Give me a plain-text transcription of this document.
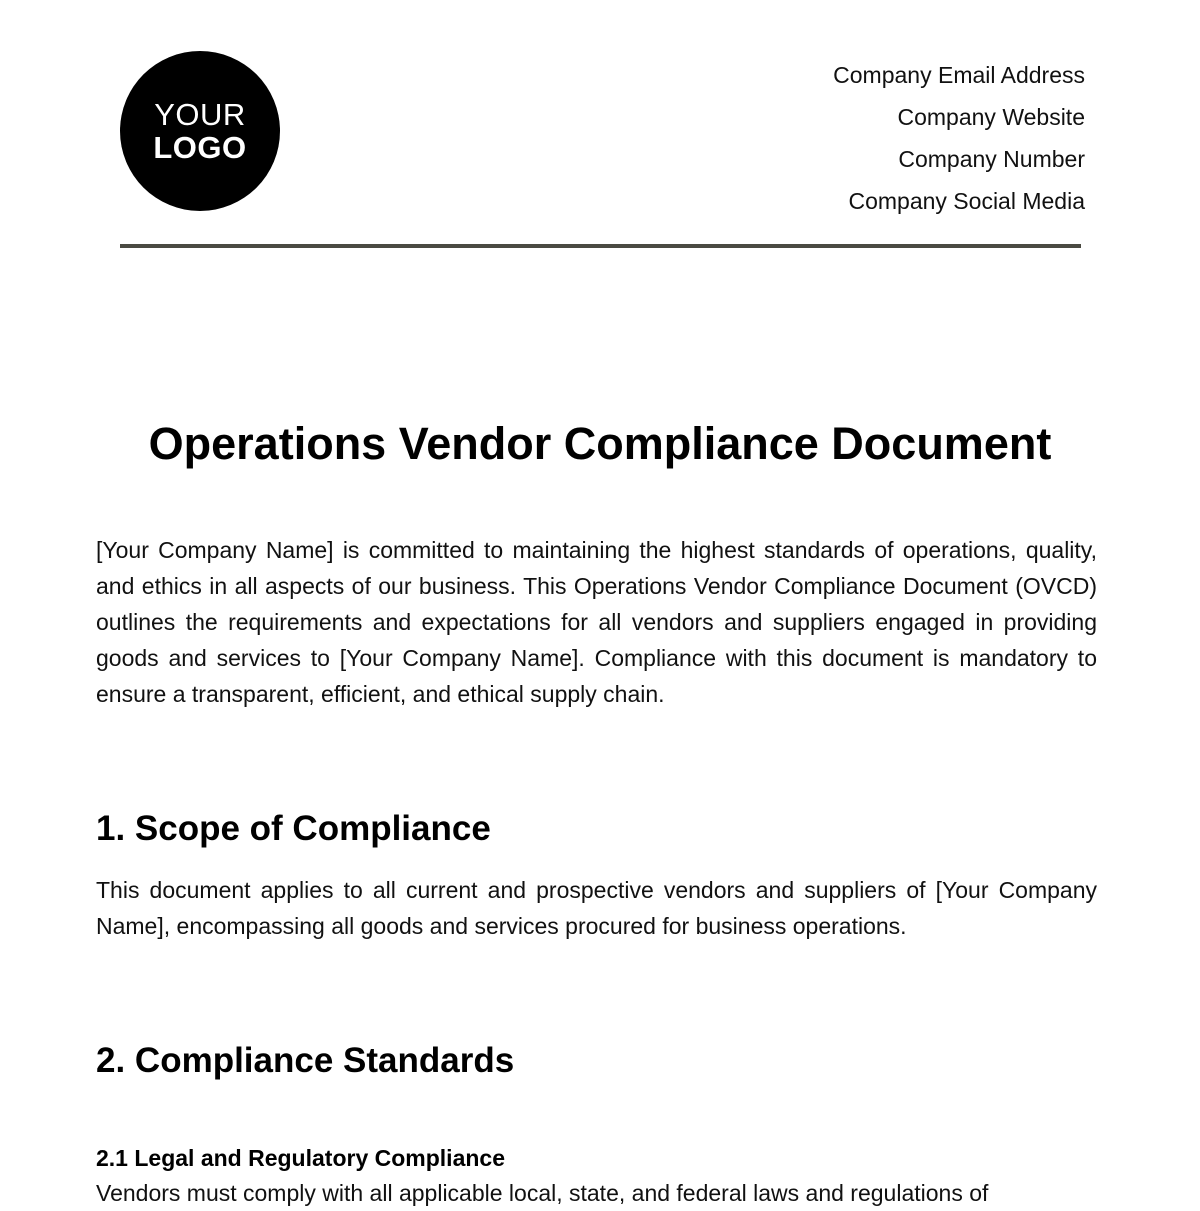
YOUR
LOGO
Company Email Address
Company Website
Company Number
Company Social Media
Operations Vendor Compliance Document

[Your Company Name] is committed to maintaining the highest standards of operations, quality, and ethics in all aspects of our business. This Operations Vendor Compliance Document (OVCD) outlines the requirements and expectations for all vendors and suppliers engaged in providing goods and services to [Your Company Name]. Compliance with this document is mandatory to ensure a transparent, efficient, and ethical supply chain.

1. Scope of Compliance

This document applies to all current and prospective vendors and suppliers of [Your Company Name], encompassing all goods and services procured for business operations.

2. Compliance Standards
2.1 Legal and Regulatory Compliance

Vendors must comply with all applicable local, state, and federal laws and regulations of
